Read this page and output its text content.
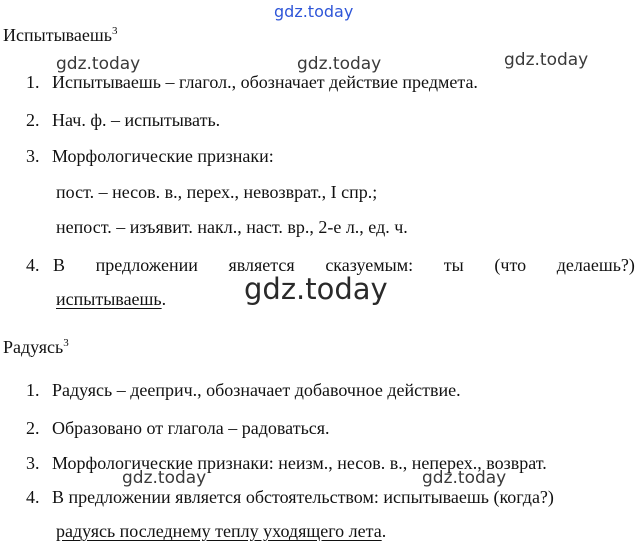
gdz.today
gdz.today	gdz.today	gdz.today
gdz.today
gdz.today	gdz.today
Испытываешь$^3$
1. Испытываешь – глагол., обозначает действие предмета.
2. Нач. ф. – испытывать.
3. Морфологические признаки:
пост. – несов. в., перех., невозврат., I спр.;
непост. – изъявит. накл., наст. вр., 2-е л., ед. ч.
4. В предложении является сказуемым: ты (что делаешь?)
испытываешь.
Радуясь$^3$
1. Радуясь – дееприч., обозначает добавочное действие.
2. Образовано от глагола – радоваться.
3. Морфологические признаки: неизм., несов. в., неперех., возврат.
4. В предложении является обстоятельством: испытываешь (когда?)
радуясь последнему теплу уходящего лета.
